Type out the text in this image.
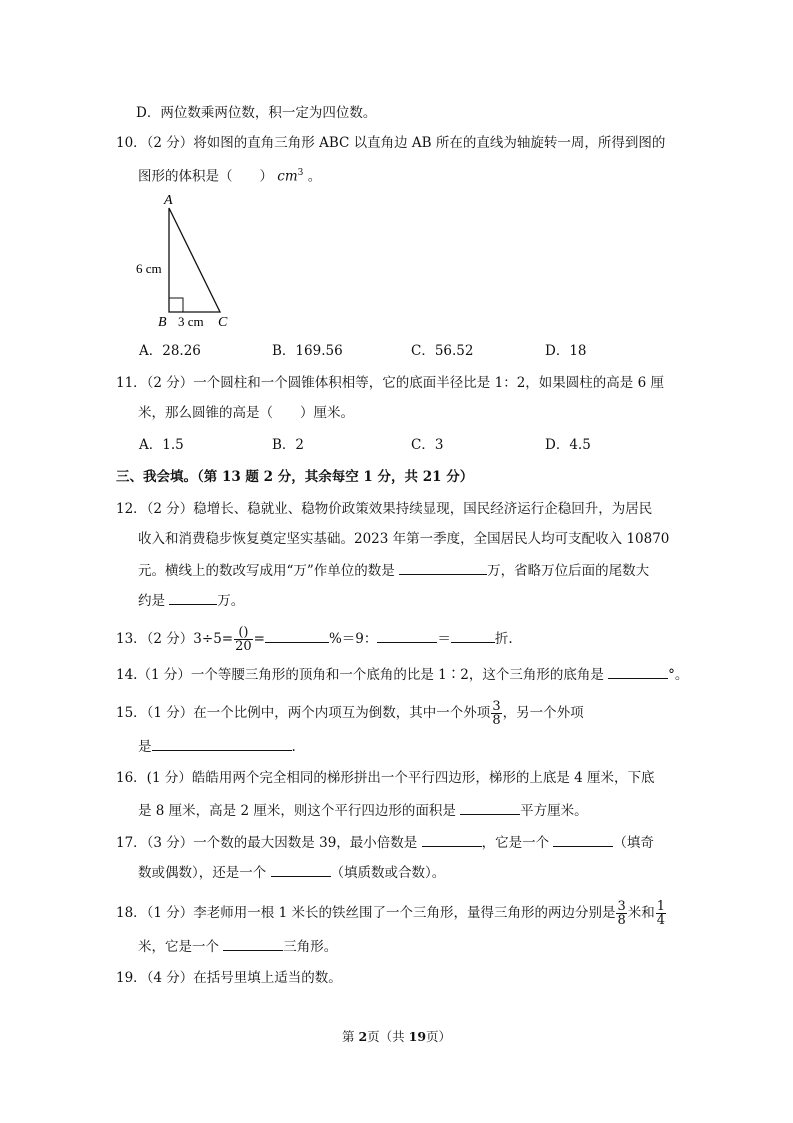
D．两位数乘两位数，积一定为四位数。
10．（2 分）将如图的直角三角形 ABC 以直角边 AB 所在的直线为轴旋转一周，所得到图的
图形的体积是（　　） $cm^3$ 。
A
B	C
6 cm
3 cm
A．28.26	B．169.56	C．56.52	D．18
11．（2 分）一个圆柱和一个圆锥体积相等，它的底面半径比是 1：2，如果圆柱的高是 6 厘
米，那么圆锥的高是（　　）厘米。
A．1.5	B．2	C．3	D．4.5
三、我会填。（第 13 题 2 分，其余每空 1 分，共 21 分）
12．（2 分）稳增长、稳就业、稳物价政策效果持续显现，国民经济运行企稳回升，为居民
收入和消费稳步恢复奠定坚实基础。2023 年第一季度，全国居民人均可支配收入 10870
元。横线上的数改写成用“万”作单位的数是	万，省略万位后面的尾数大
约是	万。
13．（2 分）$3\div 5= \frac{()}{20}$ =	%＝9：	＝	折.
14.（1 分）一个等腰三角形的顶角和一个底角的比是 1∶2，这个三角形的底角是	°。
15．（1 分）在一个比例中，两个内项互为倒数，其中一个外项 $\frac{3}{8}$ ，另一个外项
是	.
16．(1 分）皓皓用两个完全相同的梯形拼出一个平行四边形，梯形的上底是 4 厘米，下底
是 8 厘米，高是 2 厘米，则这个平行四边形的面积是	平方厘米。
17．（3 分）一个数的最大因数是 39，最小倍数是	，它是一个	（填奇
数或偶数），还是一个	（填质数或合数）。
18．（1 分）李老师用一根 1 米长的铁丝围了一个三角形，量得三角形的两边分别是 $\frac{3}{8}$ 米和 $\frac{1}{4}$
米，它是一个	三角形。
19．（4 分）在括号里填上适当的数。
第 2页（共 19页）
